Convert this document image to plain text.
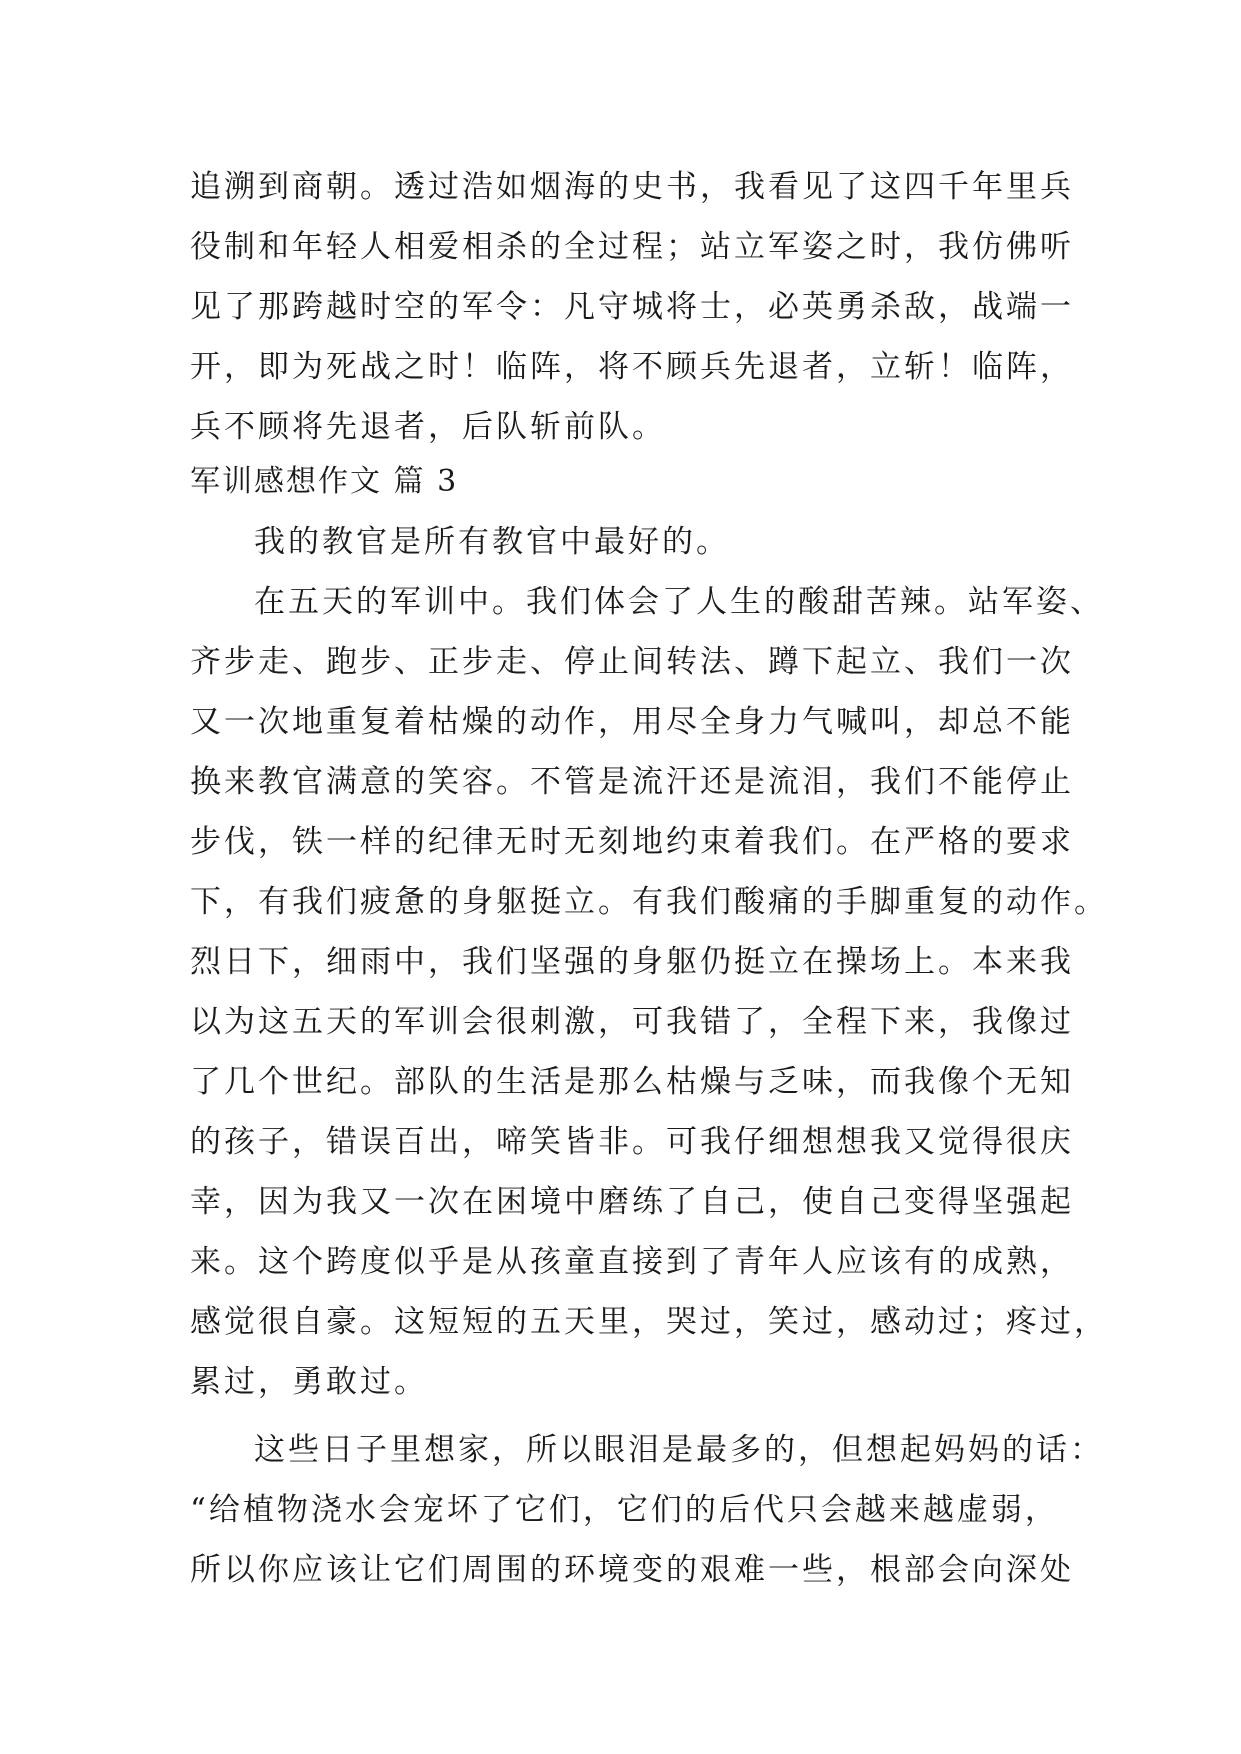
追溯到商朝。透过浩如烟海的史书，我看见了这四千年里兵
役制和年轻人相爱相杀的全过程；站立军姿之时，我仿佛听
见了那跨越时空的军令：凡守城将士，必英勇杀敌，战端一
开，即为死战之时！临阵，将不顾兵先退者，立斩！临阵，
兵不顾将先退者，后队斩前队。
军训感想作文 篇 3
我的教官是所有教官中最好的。
在五天的军训中。我们体会了人生的酸甜苦辣。站军姿、
齐步走、跑步、正步走、停止间转法、蹲下起立、我们一次
又一次地重复着枯燥的动作，用尽全身力气喊叫，却总不能
换来教官满意的笑容。不管是流汗还是流泪，我们不能停止
步伐，铁一样的纪律无时无刻地约束着我们。在严格的要求
下，有我们疲惫的身躯挺立。有我们酸痛的手脚重复的动作。
烈日下，细雨中，我们坚强的身躯仍挺立在操场上。本来我
以为这五天的军训会很刺激，可我错了，全程下来，我像过
了几个世纪。部队的生活是那么枯燥与乏味，而我像个无知
的孩子，错误百出，啼笑皆非。可我仔细想想我又觉得很庆
幸，因为我又一次在困境中磨练了自己，使自己变得坚强起
来。这个跨度似乎是从孩童直接到了青年人应该有的成熟，
感觉很自豪。这短短的五天里，哭过，笑过，感动过；疼过，
累过，勇敢过。
这些日子里想家，所以眼泪是最多的，但想起妈妈的话：
“给植物浇水会宠坏了它们，它们的后代只会越来越虚弱，
所以你应该让它们周围的环境变的艰难一些，根部会向深处
